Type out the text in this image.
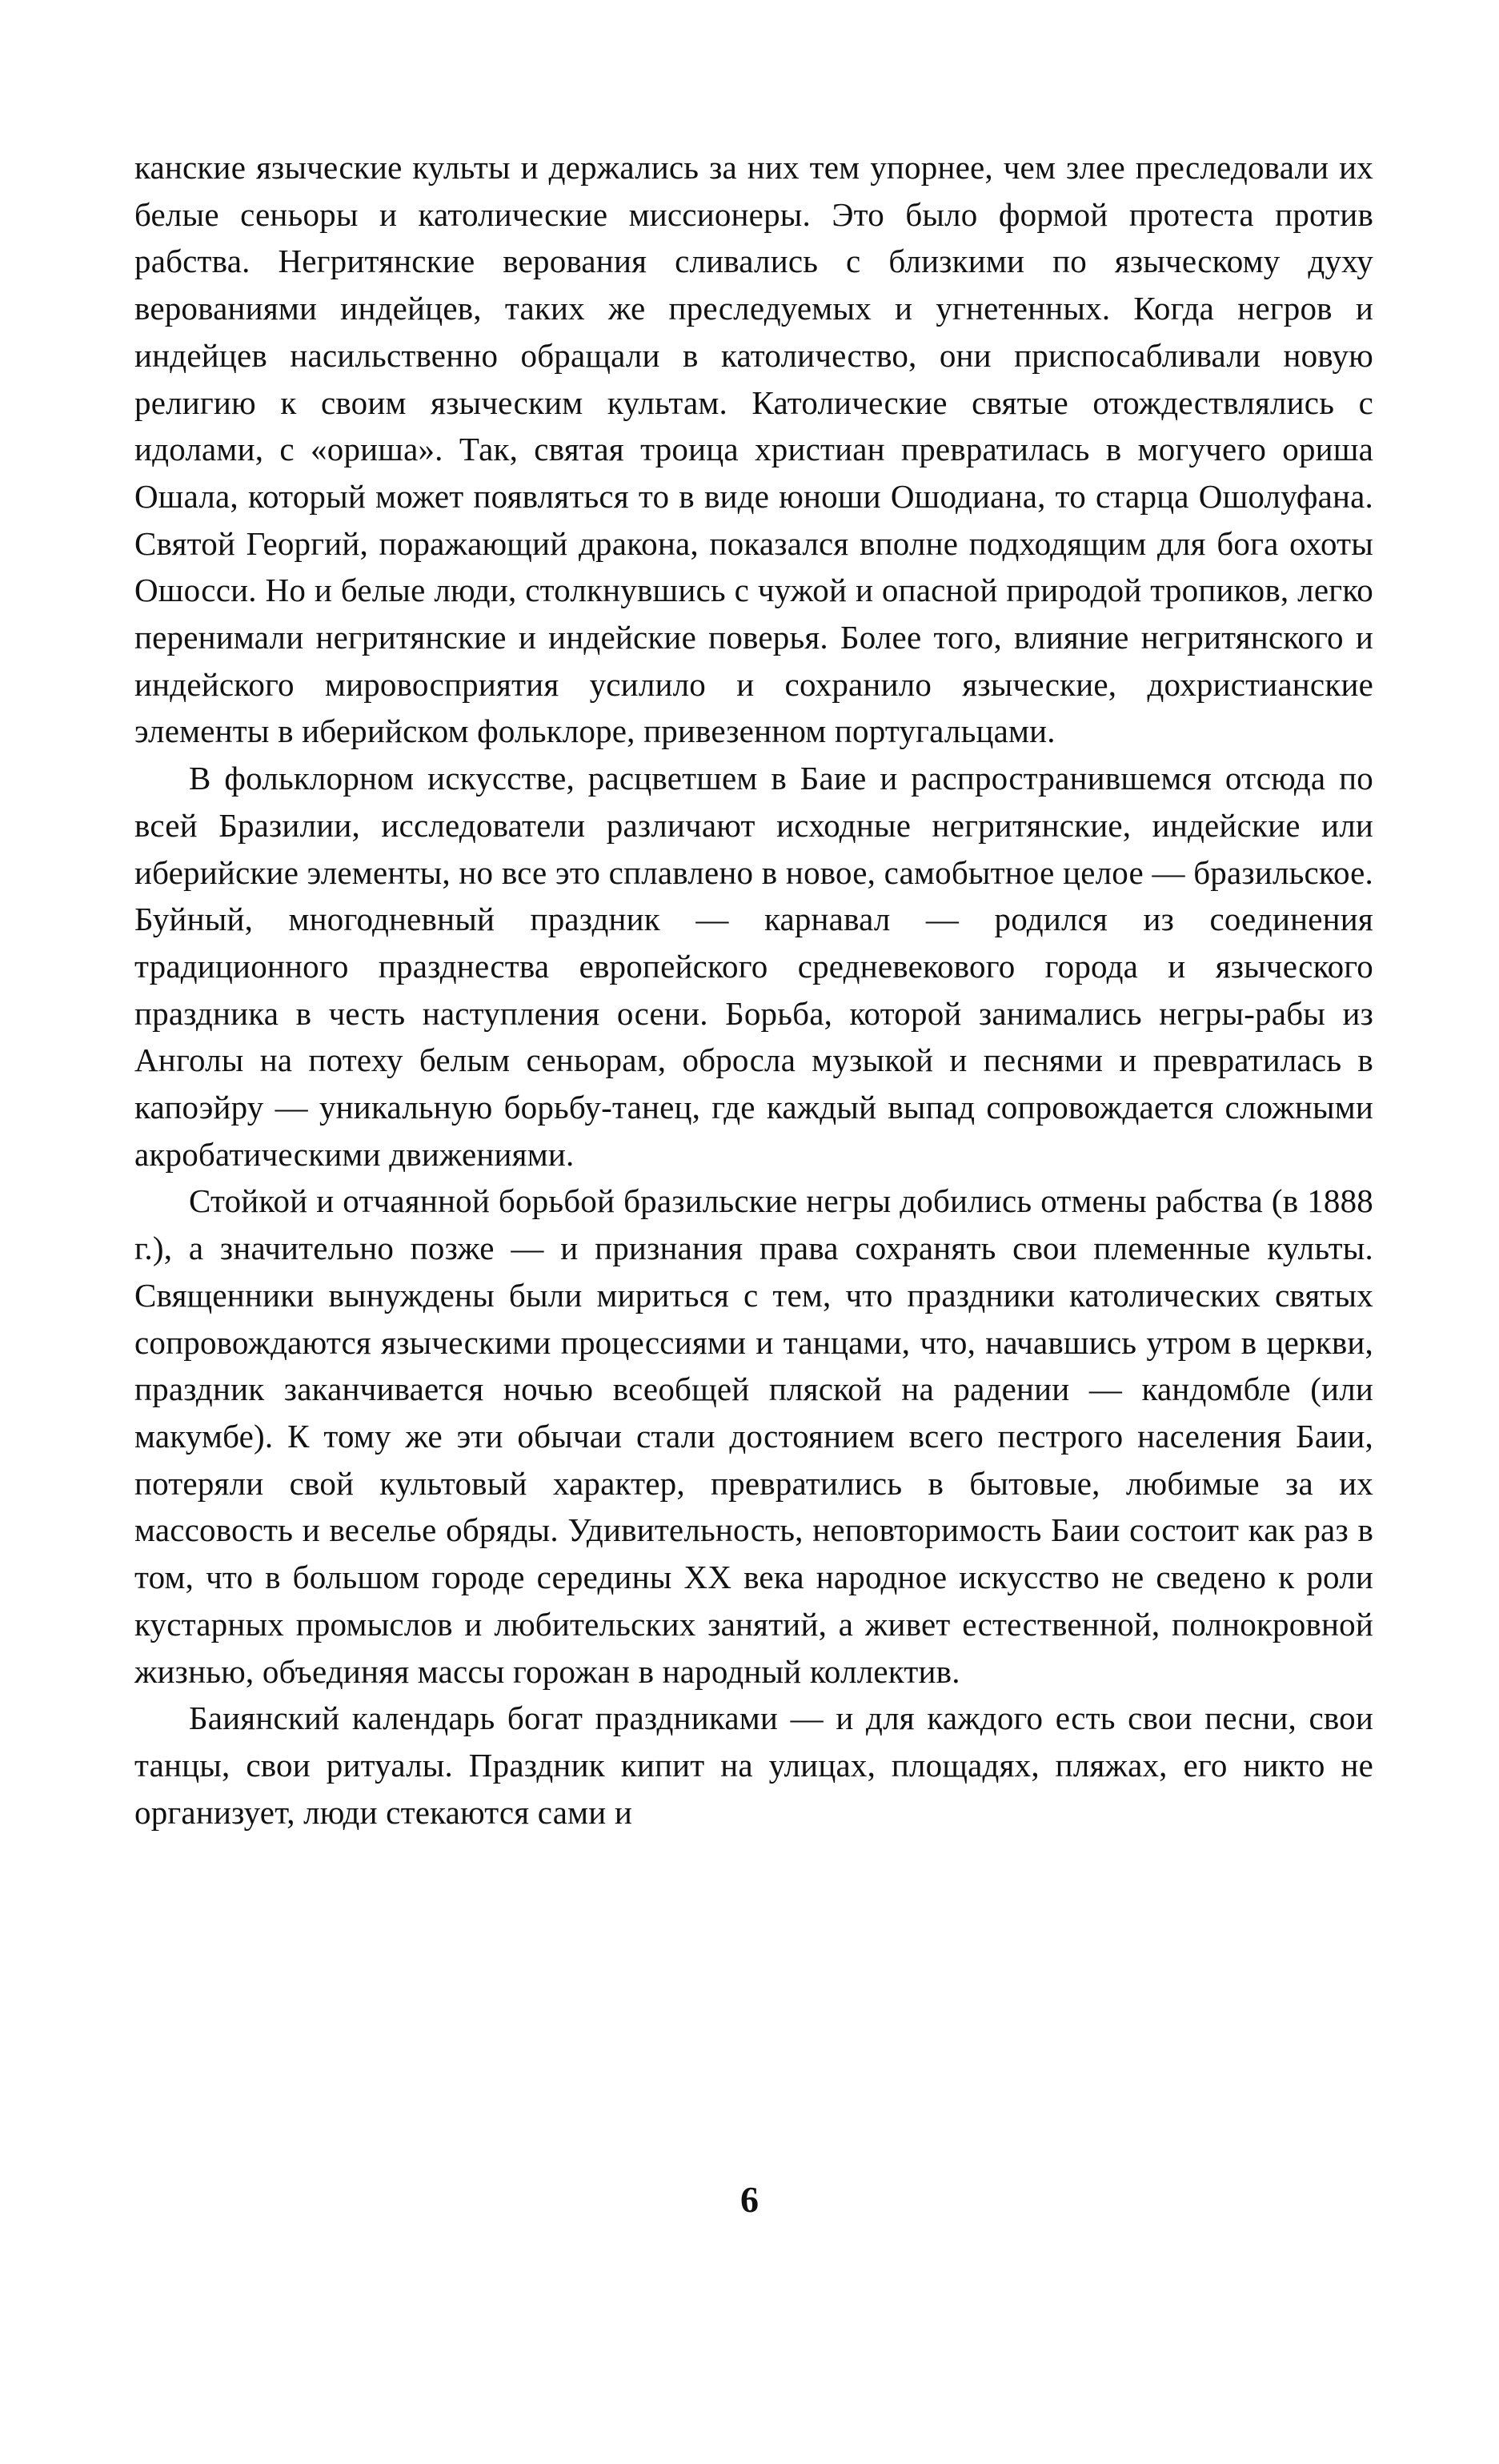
канские языческие культы и держались за них тем упорнее, чем злее преследовали их белые сеньоры и католические миссионеры. Это было формой протеста против рабства. Негритянские верования сливались с близкими по языческому духу верованиями индейцев, таких же преследуемых и угнетенных. Когда негров и индейцев насильственно обращали в католичество, они приспосабливали новую религию к своим языческим культам. Католические святые отождествлялись с идолами, с «ориша». Так, святая троица христиан превратилась в могучего ориша Ошала, который может появляться то в виде юноши Ошодиана, то старца Ошолуфана. Святой Георгий, поражающий дракона, показался вполне подходящим для бога охоты Ошосси. Но и белые люди, столкнувшись с чужой и опасной природой тропиков, легко перенимали негритянские и индейские поверья. Более того, влияние негритянского и индейского мировосприятия усилило и сохранило языческие, дохристианские элементы в иберийском фольклоре, привезенном португальцами.

В фольклорном искусстве, расцветшем в Баие и распространившемся отсюда по всей Бразилии, исследователи различают исходные негритянские, индейские или иберийские элементы, но все это сплавлено в новое, самобытное целое — бразильское. Буйный, многодневный праздник — карнавал — родился из соединения традиционного празднества европейского средневекового города и языческого праздника в честь наступления осени. Борьба, которой занимались негры-рабы из Анголы на потеху белым сеньорам, обросла музыкой и песнями и превратилась в капоэйру — уникальную борьбу-танец, где каждый выпад сопровождается сложными акробатическими движениями.

Стойкой и отчаянной борьбой бразильские негры добились отмены рабства (в 1888 г.), а значительно позже — и признания права сохранять свои племенные культы. Священники вынуждены были мириться с тем, что праздники католических святых сопровождаются языческими процессиями и танцами, что, начавшись утром в церкви, праздник заканчивается ночью всеобщей пляской на радении — кандомбле (или макумбе). К тому же эти обычаи стали достоянием всего пестрого населения Баии, потеряли свой культовый характер, превратились в бытовые, любимые за их массовость и веселье обряды. Удивительность, неповторимость Баии состоит как раз в том, что в большом городе середины XX века народное искусство не сведено к роли кустарных промыслов и любительских занятий, а живет естественной, полнокровной жизнью, объединяя массы горожан в народный коллектив.

Баиянский календарь богат праздниками — и для каждого есть свои песни, свои танцы, свои ритуалы. Праздник кипит на улицах, площадях, пляжах, его никто не организует, люди стекаются сами и

6
